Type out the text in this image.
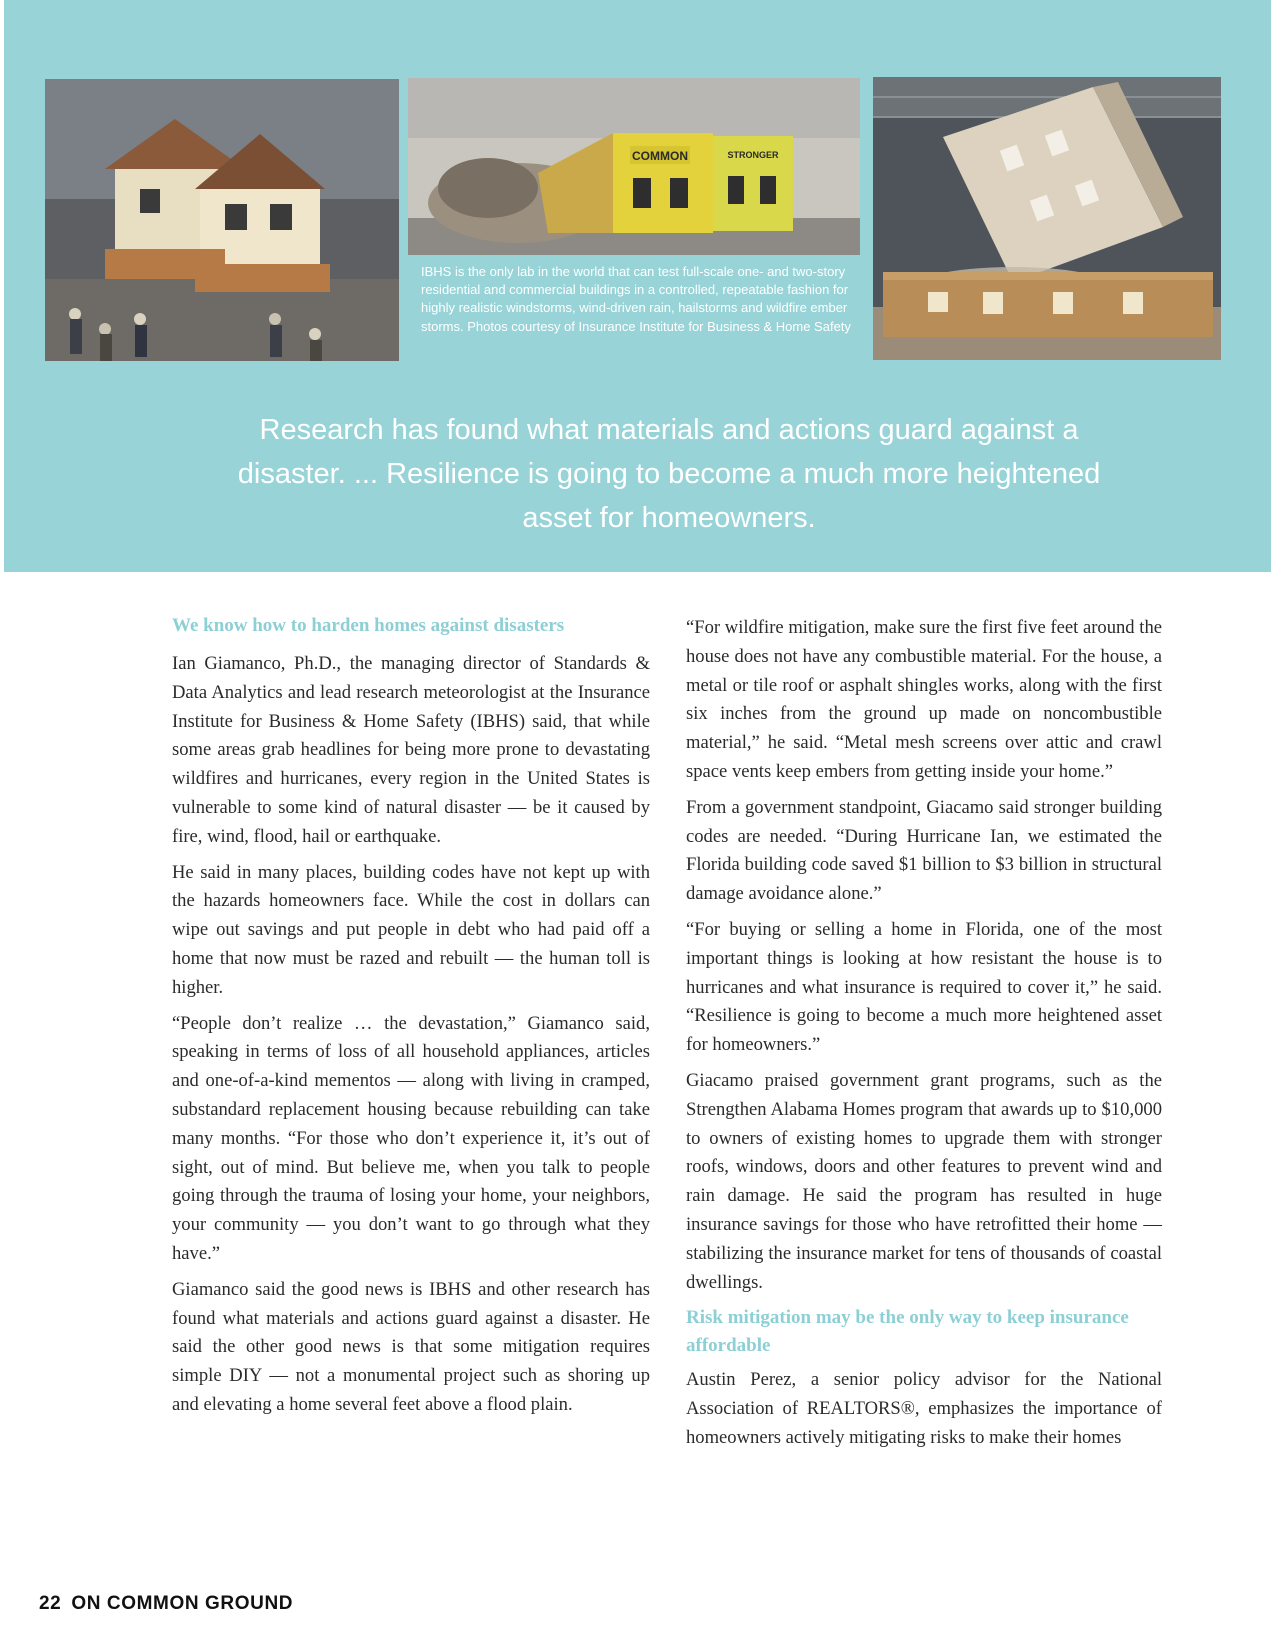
COMMON	STRONGER

IBHS is the only lab in the world that can test full-scale one- and two-story residential and commercial buildings in a controlled, repeatable fashion for highly realistic windstorms, wind-driven rain, hailstorms and wildfire ember storms. Photos courtesy of Insurance Institute for Business & Home Safety

Research has found what materials and actions guard against a disaster. ... Resilience is going to become a much more heightened asset for homeowners.

We know how to harden homes against disasters

Ian Giamanco, Ph.D., the managing director of Standards & Data Analytics and lead research meteorologist at the Insurance Institute for Business & Home Safety (IBHS) said, that while some areas grab headlines for being more prone to devastating wildfires and hurricanes, every region in the United States is vulnerable to some kind of natural disaster — be it caused by fire, wind, flood, hail or earthquake.

He said in many places, building codes have not kept up with the hazards homeowners face. While the cost in dollars can wipe out savings and put people in debt who had paid off a home that now must be razed and rebuilt — the human toll is higher.

“People don’t realize … the devastation,” Giamanco said, speaking in terms of loss of all household appliances, articles and one-of-a-kind mementos — along with living in cramped, substandard replacement housing because rebuilding can take many months. “For those who don’t experience it, it’s out of sight, out of mind. But believe me, when you talk to people going through the trauma of losing your home, your neighbors, your community — you don’t want to go through what they have.”

Giamanco said the good news is IBHS and other research has found what materials and actions guard against a disaster. He said the other good news is that some mitigation requires simple DIY — not a monumental project such as shoring up and elevating a home several feet above a flood plain.

“For wildfire mitigation, make sure the first five feet around the house does not have any combustible material. For the house, a metal or tile roof or asphalt shingles works, along with the first six inches from the ground up made on noncombustible material,” he said. “Metal mesh screens over attic and crawl space vents keep embers from getting inside your home.”

From a government standpoint, Giacamo said stronger building codes are needed. “During Hurricane Ian, we estimated the Florida building code saved $1 billion to $3 billion in structural damage avoidance alone.”

“For buying or selling a home in Florida, one of the most important things is looking at how resistant the house is to hurricanes and what insurance is required to cover it,” he said. “Resilience is going to become a much more heightened asset for homeowners.”

Giacamo praised government grant programs, such as the Strengthen Alabama Homes program that awards up to $10,000 to owners of existing homes to upgrade them with stronger roofs, windows, doors and other features to prevent wind and rain damage. He said the program has resulted in huge insurance savings for those who have retrofitted their home — stabilizing the insurance market for tens of thousands of coastal dwellings.

Risk mitigation may be the only way to keep insurance affordable

Austin Perez, a senior policy advisor for the National Association of REALTORS®, emphasizes the importance of homeowners actively mitigating risks to make their homes

22 ON COMMON GROUND
